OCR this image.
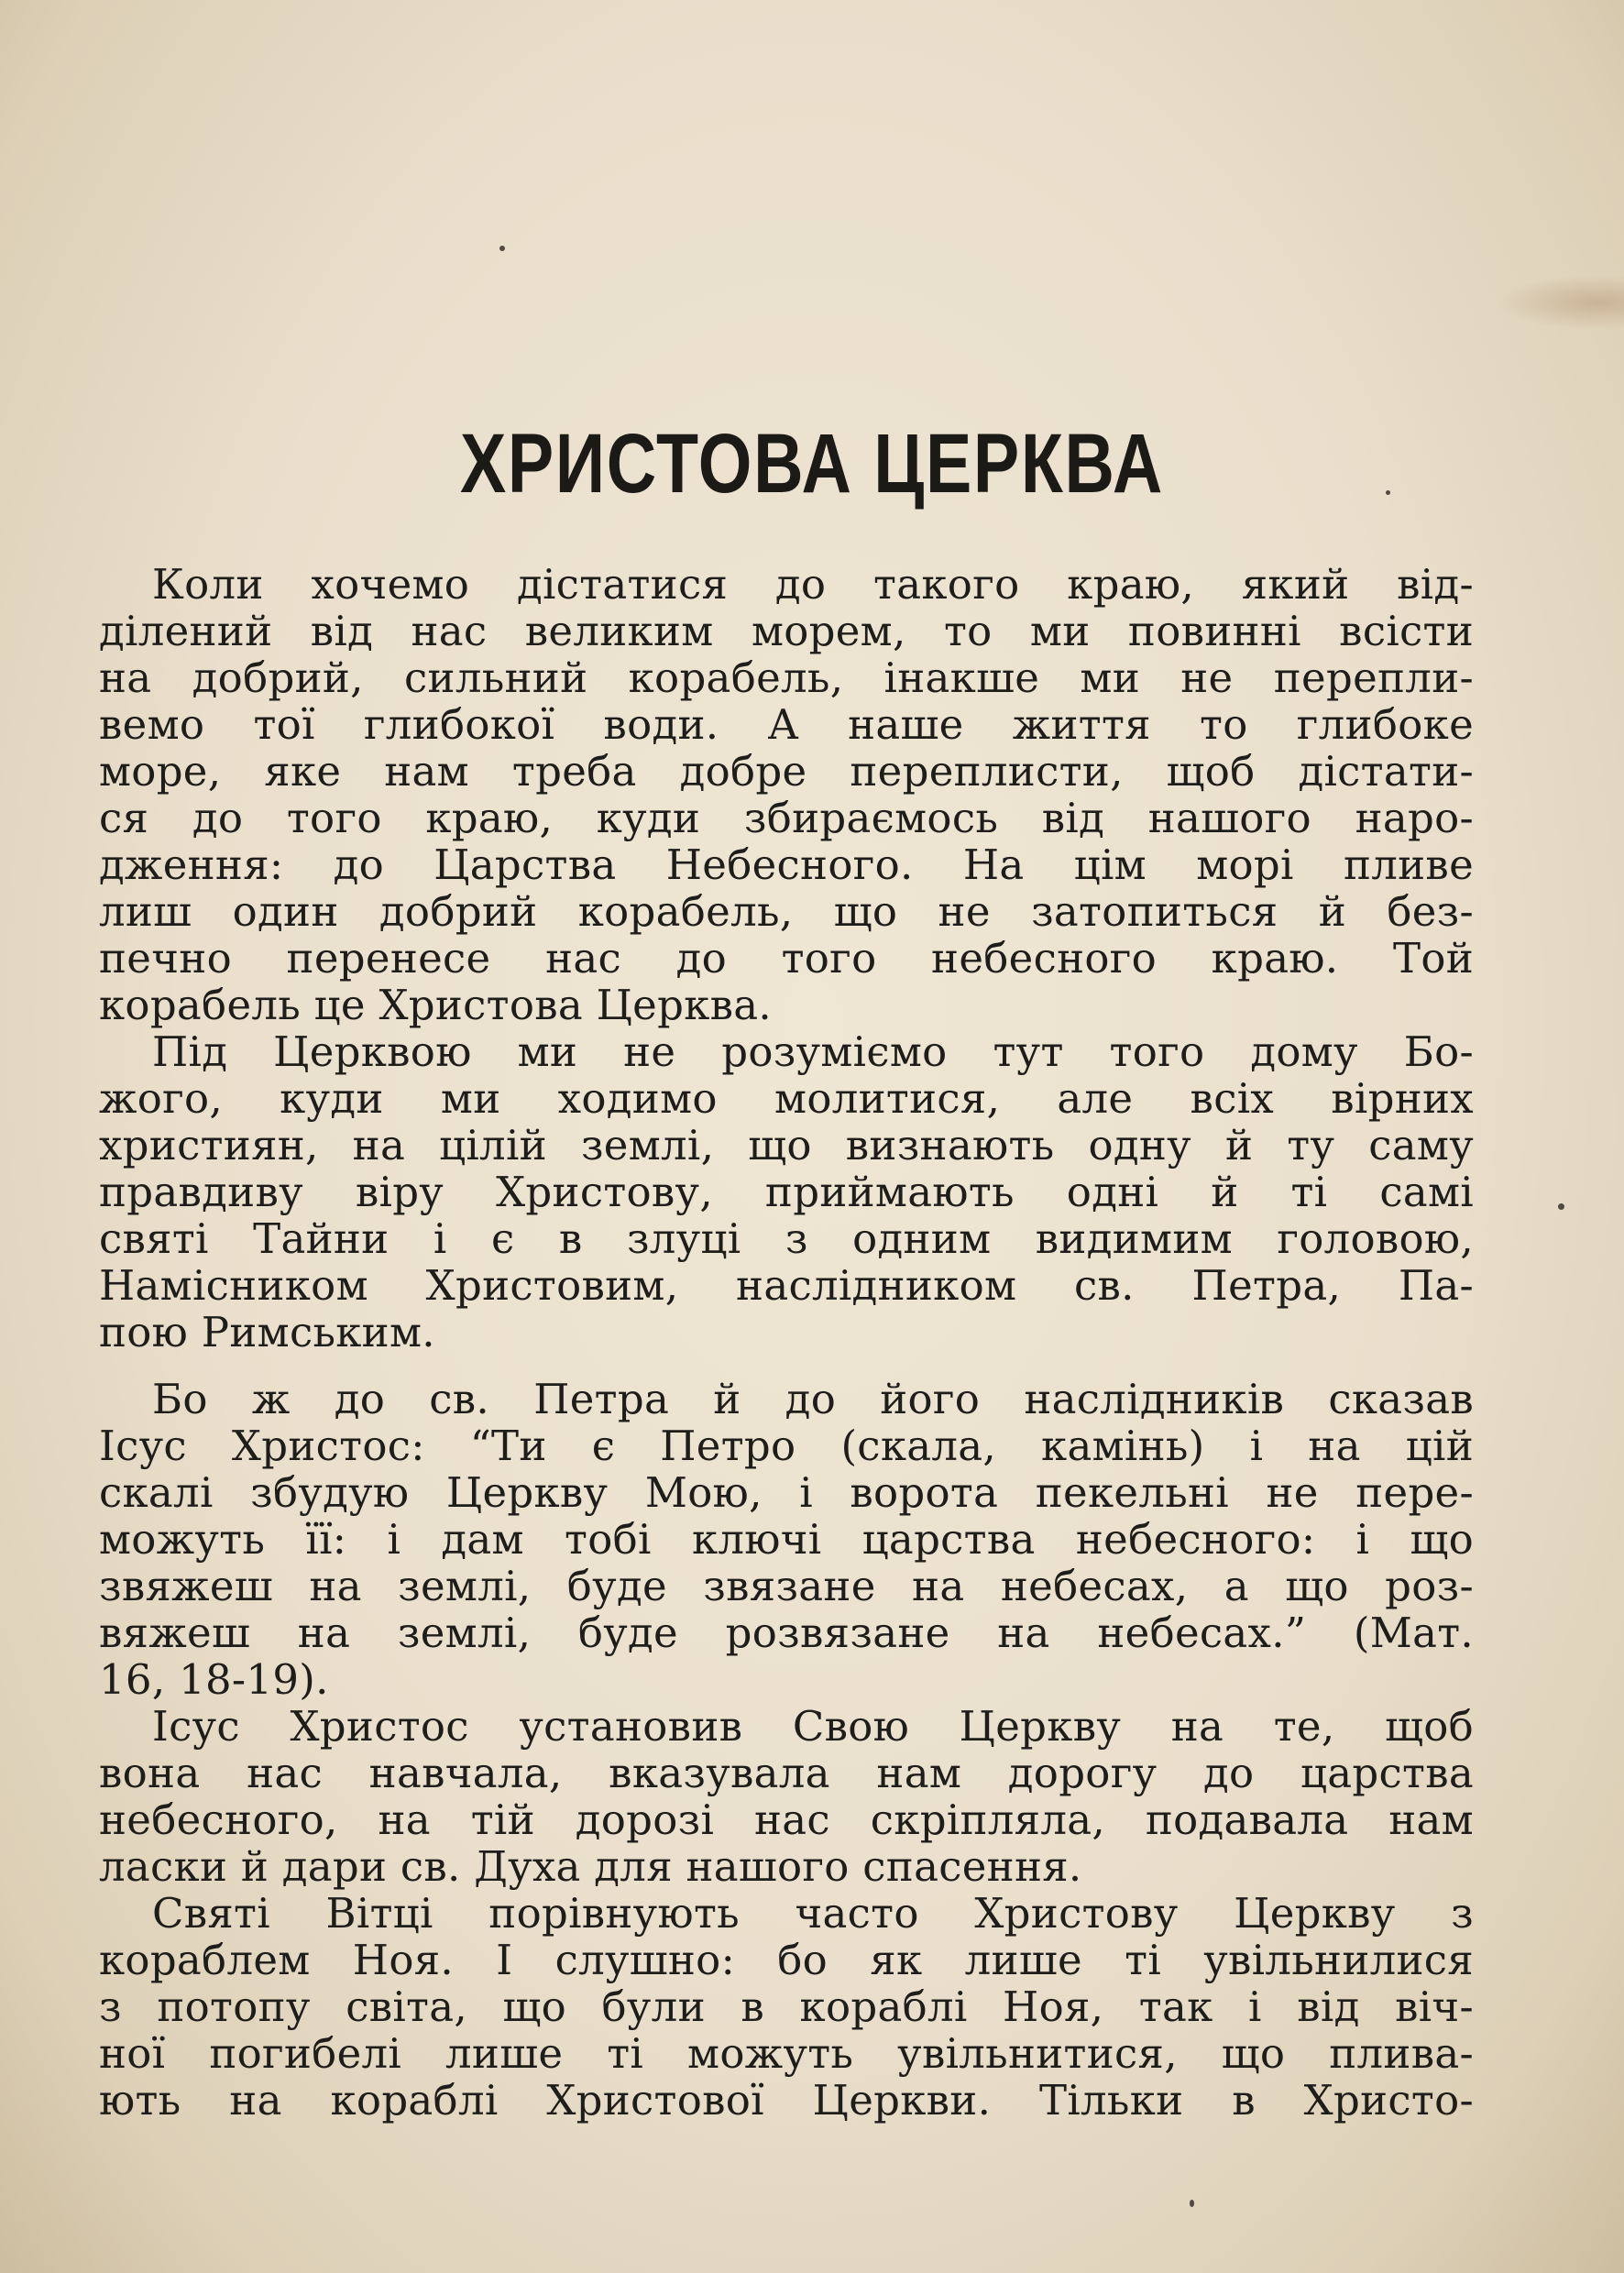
ХРИСТОВА ЦЕРКВА
Коли хочемо дістатися до такого краю, який від-
ділений від нас великим морем, то ми повинні всісти
на добрий, сильний корабель, інакше ми не перепли-
вемо тої глибокої води. А наше життя то глибоке
море, яке нам треба добре переплисти, щоб дістати-
ся до того краю, куди збираємось від нашого наро-
дження: до Царства Небесного. На цім морі пливе
лиш один добрий корабель, що не затопиться й без-
печно перенесе нас до того небесного краю. Той
корабель це Христова Церква.
Під Церквою ми не розуміємо тут того дому Бо-
жого, куди ми ходимо молитися, але всіх вірних
християн, на цілій землі, що визнають одну й ту саму
правдиву віру Христову, приймають одні й ті самі
святі Тайни і є в злуці з одним видимим головою,
Намісником Христовим, наслідником св. Петра, Па-
пою Римським.
Бо ж до св. Петра й до його наслідників сказав
Ісус Христос: “Ти є Петро (скала, камінь) і на цій
скалі збудую Церкву Мою, і ворота пекельні не пере-
можуть її: і дам тобі ключі царства небесного: і що
звяжеш на землі, буде звязане на небесах, а що роз-
вяжеш на землі, буде розвязане на небесах.” (Мат.
16, 18-19).
Ісус Христос установив Свою Церкву на те, щоб
вона нас навчала, вказувала нам дорогу до царства
небесного, на тій дорозі нас скріпляла, подавала нам
ласки й дари св. Духа для нашого спасення.
Святі Вітці порівнують часто Христову Церкву з
кораблем Ноя. І слушно: бо як лише ті увільнилися
з потопу світа, що були в кораблі Ноя, так і від віч-
ної погибелі лише ті можуть увільнитися, що плива-
ють на кораблі Христової Церкви. Тільки в Христо-
